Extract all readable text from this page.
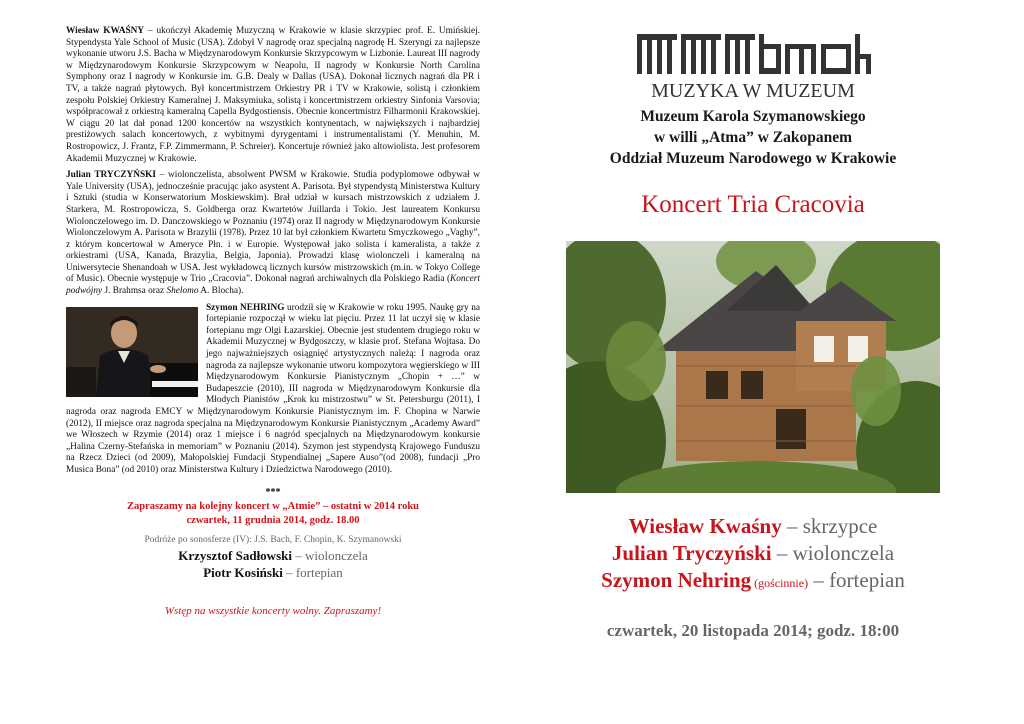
Wiesław KWAŚNY – ukończył Akademię Muzyczną w Krakowie w klasie skrzypiec prof. E. Umińskiej. Stypendysta Yale School of Music (USA). Zdobył V nagrodę oraz specjalną nagrodę H. Szeryngi za najlepsze wykonanie utworu J.S. Bacha w Międzynarodowym Konkursie Skrzypcowym w Lizbonie. Laureat III nagrody w Międzynarodowym Konkursie Skrzypcowym w Neapolu, II nagrody w Konkursie North Carolina Symphony oraz I nagrody w Konkursie im. G.B. Dealy w Dallas (USA). Dokonał licznych nagrań dla PR i TV, a także nagrań płytowych. Był koncertmistrzem Orkiestry PR i TV w Krakowie, solistą i członkiem zespołu Polskiej Orkiestry Kameralnej J. Maksymiuka, solistą i koncertmistrzem orkiestry Sinfonia Varsovia; współpracował z orkiestrą kameralną Capella Bydgostiensis. Obecnie koncertmistrz Filharmonii Krakowskiej. W ciągu 20 lat dał ponad 1200 koncertów na wszystkich kontynentach, w największych i najbardziej prestiżowych salach koncertowych, z wybitnymi dyrygentami i instrumentalistami (Y. Menuhin, M. Rostropowicz, J. Frantz, F.P. Zimmermann, P. Schreier). Koncertuje również jako altowiolista. Jest profesorem Akademii Muzycznej w Krakowie.

Julian TRYCZYŃSKI – wiolonczelista, absolwent PWSM w Krakowie. Studia podyplomowe odbywał w Yale University (USA), jednocześnie pracując jako asystent A. Parisota. Był stypendystą Ministerstwa Kultury i Sztuki (studia w Konserwatorium Moskiewskim). Brał udział w kursach mistrzowskich z udziałem J. Starkera, M. Rostropowicza, S. Goldberga oraz Kwartetów Juillarda i Tokio. Jest laureatem Konkursu Wiolonczelowego im. D. Danczowskiego w Poznaniu (1974) oraz II nagrody w Międzynarodowym Konkursie Wiolonczelowym A. Parisota w Brazylii (1978). Przez 10 lat był członkiem Kwartetu Smyczkowego „Vaghy”, z którym koncertował w Ameryce Płn. i w Europie. Występował jako solista i kameralista, a także z orkiestrami (USA, Kanada, Brazylia, Belgia, Japonia). Prowadzi klasę wiolonczeli i kameralną na Uniwersytecie Shenandoah w USA. Jest wykładowcą licznych kursów mistrzowskich (m.in. w Tokyo College of Music). Obecnie występuje w Trio „Cracovia”. Dokonał nagrań archiwalnych dla Polskiego Radia (Koncert podwójny J. Brahmsa oraz Shelomo A. Blocha).

Szymon NEHRING urodził się w Krakowie w roku 1995. Naukę gry na fortepianie rozpoczął w wieku lat pięciu. Przez 11 lat uczył się w klasie fortepianu mgr Olgi Łazarskiej. Obecnie jest studentem drugiego roku w Akademii Muzycznej w Bydgoszczy, w klasie prof. Stefana Wojtasa. Do jego najważniejszych osiągnięć artystycznych należą: I nagroda oraz nagroda za najlepsze wykonanie utworu kompozytora węgierskiego w III Międzynarodowym Konkursie Pianistycznym „Chopin + …” w Budapeszcie (2010), III nagroda w Międzynarodowym Konkursie dla Młodych Pianistów „Krok ku mistrzostwu” w St. Petersburgu (2011), I nagroda oraz nagroda EMCY w Międzynarodowym Konkursie Pianistycznym im. F. Chopina w Narwie (2012), II miejsce oraz nagroda specjalna na Międzynarodowym Konkursie Pianistycznym „Academy Award” we Włoszech w Rzymie (2014) oraz 1 miejsce i 6 nagród specjalnych na Międzynarodowym konkursie „Halina Czerny-Stefańska in memoriam” w Poznaniu (2014). Szymon jest stypendystą Krajowego Funduszu na Rzecz Dzieci (od 2009), Małopolskiej Fundacji Stypendialnej „Sapere Auso”(od 2008), fundacji „Pro Musica Bona” (od 2010) oraz Ministerstwa Kultury i Dziedzictwa Narodowego (2010).

***
Zapraszamy na kolejny koncert w „Atmie” – ostatni w 2014 roku
czwartek, 11 grudnia 2014, godz. 18.00
Podróże po sonosferze (IV): J.S. Bach, F. Chopin, K. Szymanowski
Krzysztof Sadłowski – wiolonczela
Piotr Kosiński – fortepian
Wstęp na wszystkie koncerty wolny. Zapraszamy!
MUZYKA W MUZEUM
Muzeum Karola Szymanowskiego
w willi „Atma” w Zakopanem
Oddział Muzeum Narodowego w Krakowie
Koncert Tria Cracovia
Wiesław Kwaśny – skrzypce
Julian Tryczyński – wiolonczela
Szymon Nehring (gościnnie) – fortepian
czwartek, 20 listopada 2014; godz. 18:00
